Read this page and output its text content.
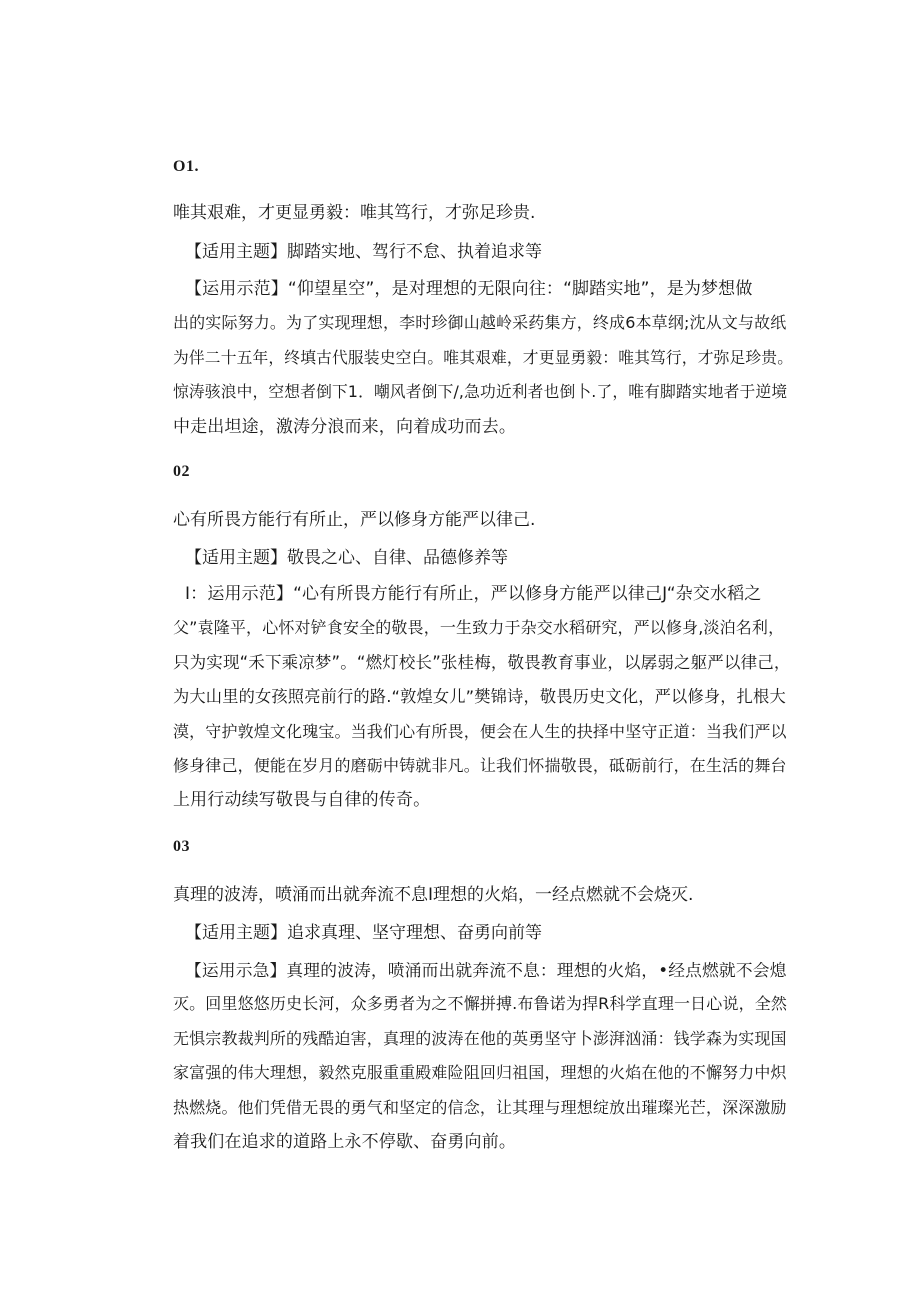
O1.
唯其艰难，才更显勇毅：唯其笃行，才弥足珍贵.
【适用主题】脚踏实地、驾行不怠、执着追求等
【运用示范】“仰望星空”，是对理想的无限向往：“脚踏实地”，是为梦想做
出的实际努力。为了实现理想，李时珍御山越岭采药集方，终成6本草纲;沈从文与故纸
为伴二十五年，终填古代服装史空白。唯其艰难，才更显勇毅：唯其笃行，才弥足珍贵。
惊涛骇浪中，空想者倒下1．嘲风者倒下/,急功近利者也倒卜.了，唯有脚踏实地者于逆境
中走出坦途，激涛分浪而来，向着成功而去。
02
心有所畏方能行有所止，严以修身方能严以律己.
【适用主题】敬畏之心、自律、品德修养等
I：运用示范】“心有所畏方能行有所止，严以修身方能严以律己J“杂交水稻之
父”袁隆平，心怀对铲食安全的敬畏，一生致力于杂交水稻研究，严以修身,淡泊名利，
只为实现“禾下乘凉梦”。“燃灯校长”张桂梅，敬畏教育事业，以孱弱之躯严以律己，
为大山里的女孩照亮前行的路.“敦煌女儿”樊锦诗，敬畏历史文化，严以修身，扎根大
漠，守护敦煌文化瑰宝。当我们心有所畏，便会在人生的抉择中坚守正道：当我们严以
修身律己，便能在岁月的磨砺中铸就非凡。让我们怀揣敬畏，砥砺前行，在生活的舞台
上用行动续写敬畏与自律的传奇。
03
真理的波涛，喷涌而出就奔流不息I理想的火焰，一经点燃就不会烧灭.
【适用主题】追求真理、坚守理想、奋勇向前等
【运用示急】真理的波涛，喷涌而出就奔流不息：理想的火焰，•经点燃就不会熄
灭。回里悠悠历史长河，众多勇者为之不懈拼搏.布鲁诺为捍R科学直理一日心说，全然
无惧宗教裁判所的残酷迫害，真理的波涛在他的英勇坚守卜澎湃汹涌：钱学森为实现国
家富强的伟大理想，毅然克服重重殿难险阻回归祖国，理想的火焰在他的不懈努力中炽
热燃烧。他们凭借无畏的勇气和坚定的信念，让其理与理想绽放出璀璨光芒，深深激励
着我们在追求的道路上永不停歇、奋勇向前。
